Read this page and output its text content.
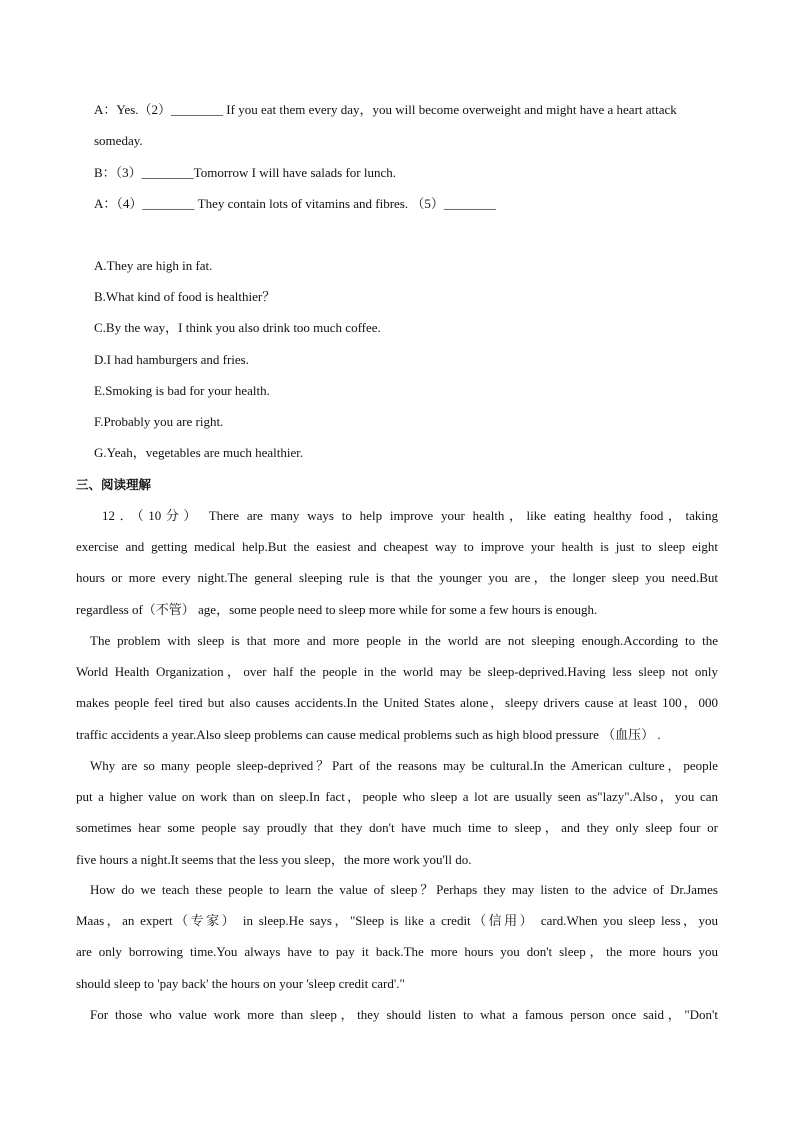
A：Yes.（2）________ If you eat them every day，you will become overweight and might have a heart attack
someday.
B：（3）________Tomorrow I will have salads for lunch.
A：（4）________ They contain lots of vitamins and fibres. （5）________
A.They are high in fat.
B.What kind of food is healthier？
C.By the way，I think you also drink too much coffee.
D.I had hamburgers and fries.
E.Smoking is bad for your health.
F.Probably you are right.
G.Yeah，vegetables are much healthier.
三、阅读理解
12．（10分） There are many ways to help improve your health，like eating healthy food，taking
exercise and getting medical help.But the easiest and cheapest way to improve your health is just to sleep eight
hours or more every night.The general sleeping rule is that the younger you are，the longer sleep you need.But
regardless of（不管） age，some people need to sleep more while for some a few hours is enough.
The problem with sleep is that more and more people in the world are not sleeping enough.According to the
World Health Organization，over half the people in the world may be sleep-deprived.Having less sleep not only
makes people feel tired but also causes accidents.In the United States alone，sleepy drivers cause at least 100，000
traffic accidents a year.Also sleep problems can cause medical problems such as high blood pressure （血压） .
Why are so many people sleep-deprived？Part of the reasons may be cultural.In the American culture，people
put a higher value on work than on sleep.In fact，people who sleep a lot are usually seen as"lazy".Also，you can
sometimes hear some people say proudly that they don't have much time to sleep，and they only sleep four or
five hours a night.It seems that the less you sleep，the more work you'll do.
How do we teach these people to learn the value of sleep？Perhaps they may listen to the advice of Dr.James
Maas，an expert（专家） in sleep.He says，"Sleep is like a credit（信用） card.When you sleep less，you
are only borrowing time.You always have to pay it back.The more hours you don't sleep，the more hours you
should sleep to 'pay back' the hours on your 'sleep credit card'."
For those who value work more than sleep，they should listen to what a famous person once said，"Don't
